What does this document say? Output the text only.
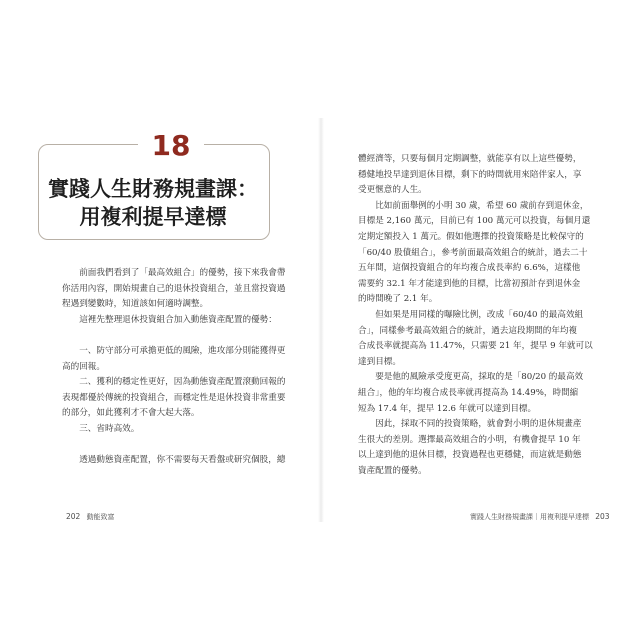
18
實踐人生財務規畫課：
用複利提早達標
　　前面我們看到了「最高效組合」的優勢，接下來我會帶
你活用內容，開始規畫自己的退休投資組合，並且當投資過
程遇到變數時，知道該如何適時調整。
　　這裡先整理退休投資組合加入動態資產配置的優勢：

　　一、防守部分可承擔更低的風險，進攻部分則能獲得更
高的回報。
　　二、獲利的穩定性更好，因為動態資產配置滾動回報的
表現都優於傳統的投資組合，而穩定性是退休投資非常重要
的部分，如此獲利才不會大起大落。
　　三、省時高效。

　　透過動態資產配置，你不需要每天看盤或研究個股，總
體經濟等，只要每個月定期調整，就能享有以上這些優勢，
穩健地投早達到退休目標，剩下的時間就用來陪伴家人，享
受更愜意的人生。
　　比如前面舉例的小明 30 歲，希望 60 歲前存到退休金，
目標是 2,160 萬元，目前已有 100 萬元可以投資，每個月還
定期定額投入 1 萬元。假如他選擇的投資策略是比較保守的
「60/40 股債組合」，參考前面最高效組合的統計，過去二十
五年間，這個投資組合的年均複合成長率約 6.6%，這樣他
需要約 32.1 年才能達到他的目標，比當初預計存到退休金
的時間晚了 2.1 年。
　　但如果是用同樣的曝險比例，改成「60/40 的最高效組
合」，同樣參考最高效組合的統計，過去這段期間的年均複
合成長率就提高為 11.47%，只需要 21 年，提早 9 年就可以
達到目標。
　　要是他的風險承受度更高，採取的是「80/20 的最高效
組合」，他的年均複合成長率就再提高為 14.49%，時間縮
短為 17.4 年，提早 12.6 年就可以達到目標。
　　因此，採取不同的投資策略，就會對小明的退休規畫產
生很大的差別。選擇最高效組合的小明，有機會提早 10 年
以上達到他的退休目標，投資過程也更穩健，而這就是動態
資產配置的優勢。
202 動能致富	實踐人生財務規畫課｜用複利提早達標 203
